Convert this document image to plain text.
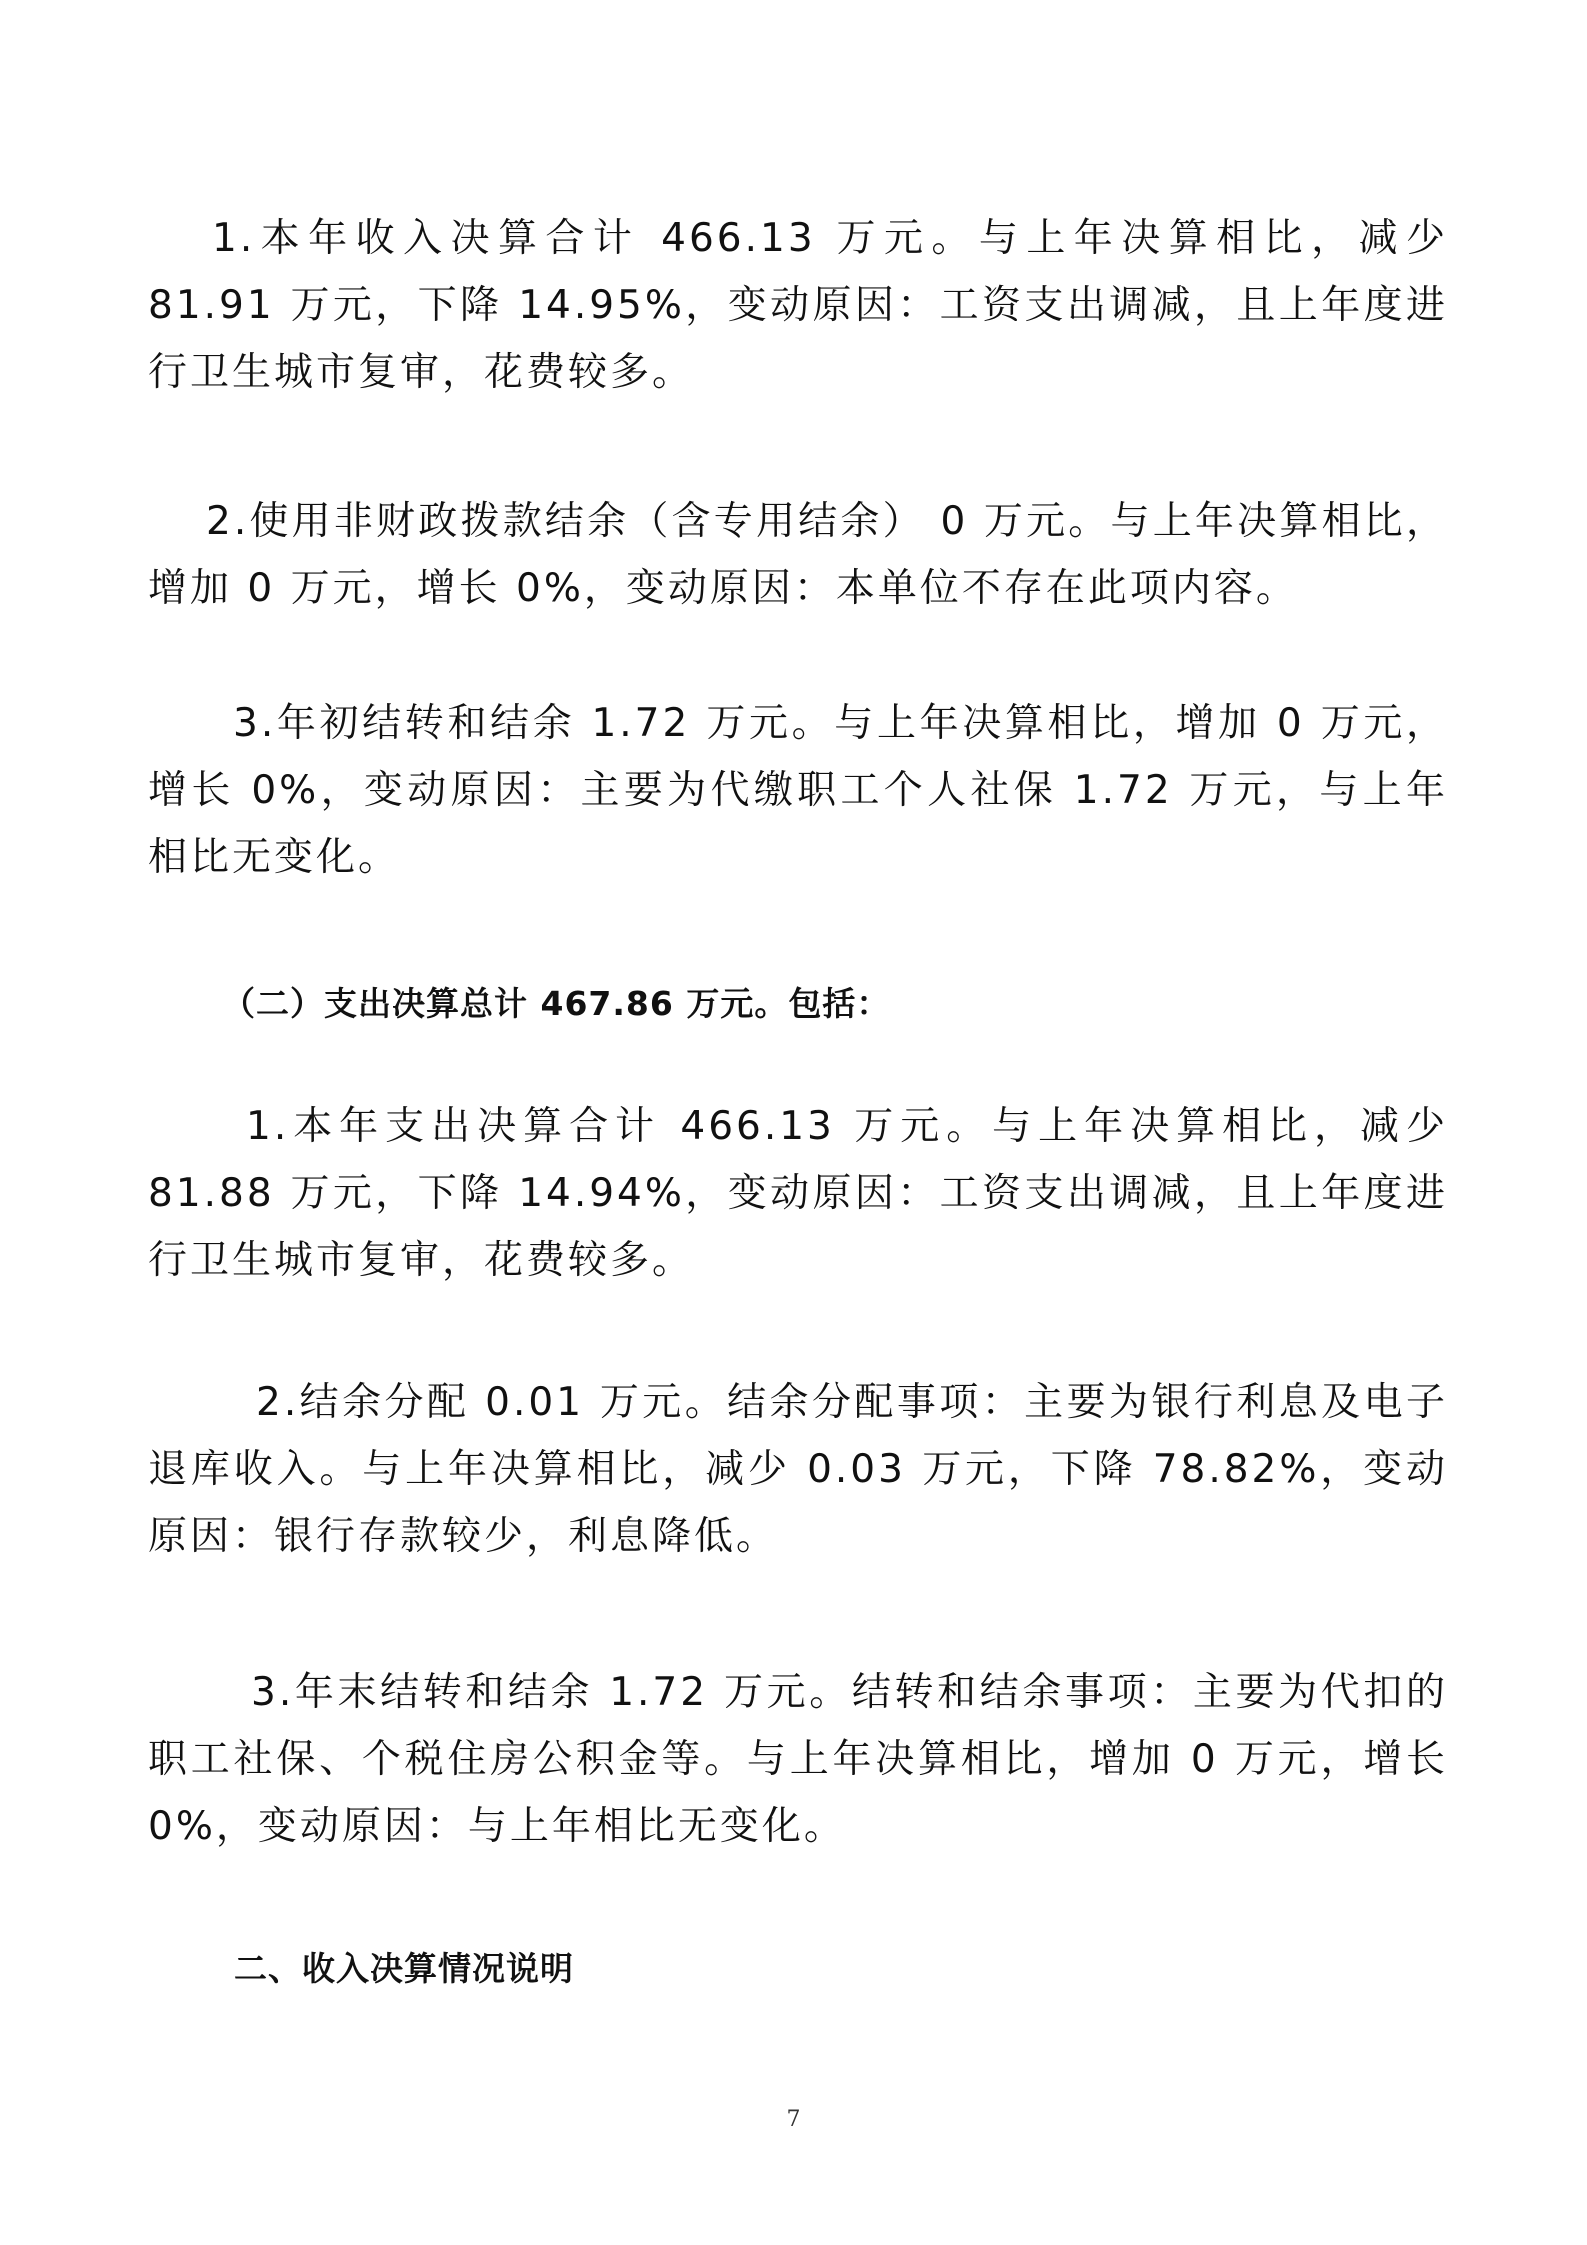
1.本年收入决算合计 466.13 万元。与上年决算相比，减少 81.91 万元，下降 14.95%，变动原因：工资支出调减，且上年度进行卫生城市复审，花费较多。

2.使用非财政拨款结余（含专用结余） 0 万元。与上年决算相比，增加 0 万元，增长 0%，变动原因：本单位不存在此项内容。

3.年初结转和结余 1.72 万元。与上年决算相比，增加 0 万元，增长 0%，变动原因：主要为代缴职工个人社保 1.72 万元，与上年相比无变化。

（二）支出决算总计 467.86 万元。包括：

1.本年支出决算合计 466.13 万元。与上年决算相比，减少 81.88 万元，下降 14.94%，变动原因：工资支出调减，且上年度进行卫生城市复审，花费较多。

2.结余分配 0.01 万元。结余分配事项：主要为银行利息及电子退库收入。与上年决算相比，减少 0.03 万元，下降 78.82%，变动原因：银行存款较少，利息降低。

3.年末结转和结余 1.72 万元。结转和结余事项：主要为代扣的职工社保、个税住房公积金等。与上年决算相比，增加 0 万元，增长 0%，变动原因：与上年相比无变化。

二、收入决算情况说明

7
